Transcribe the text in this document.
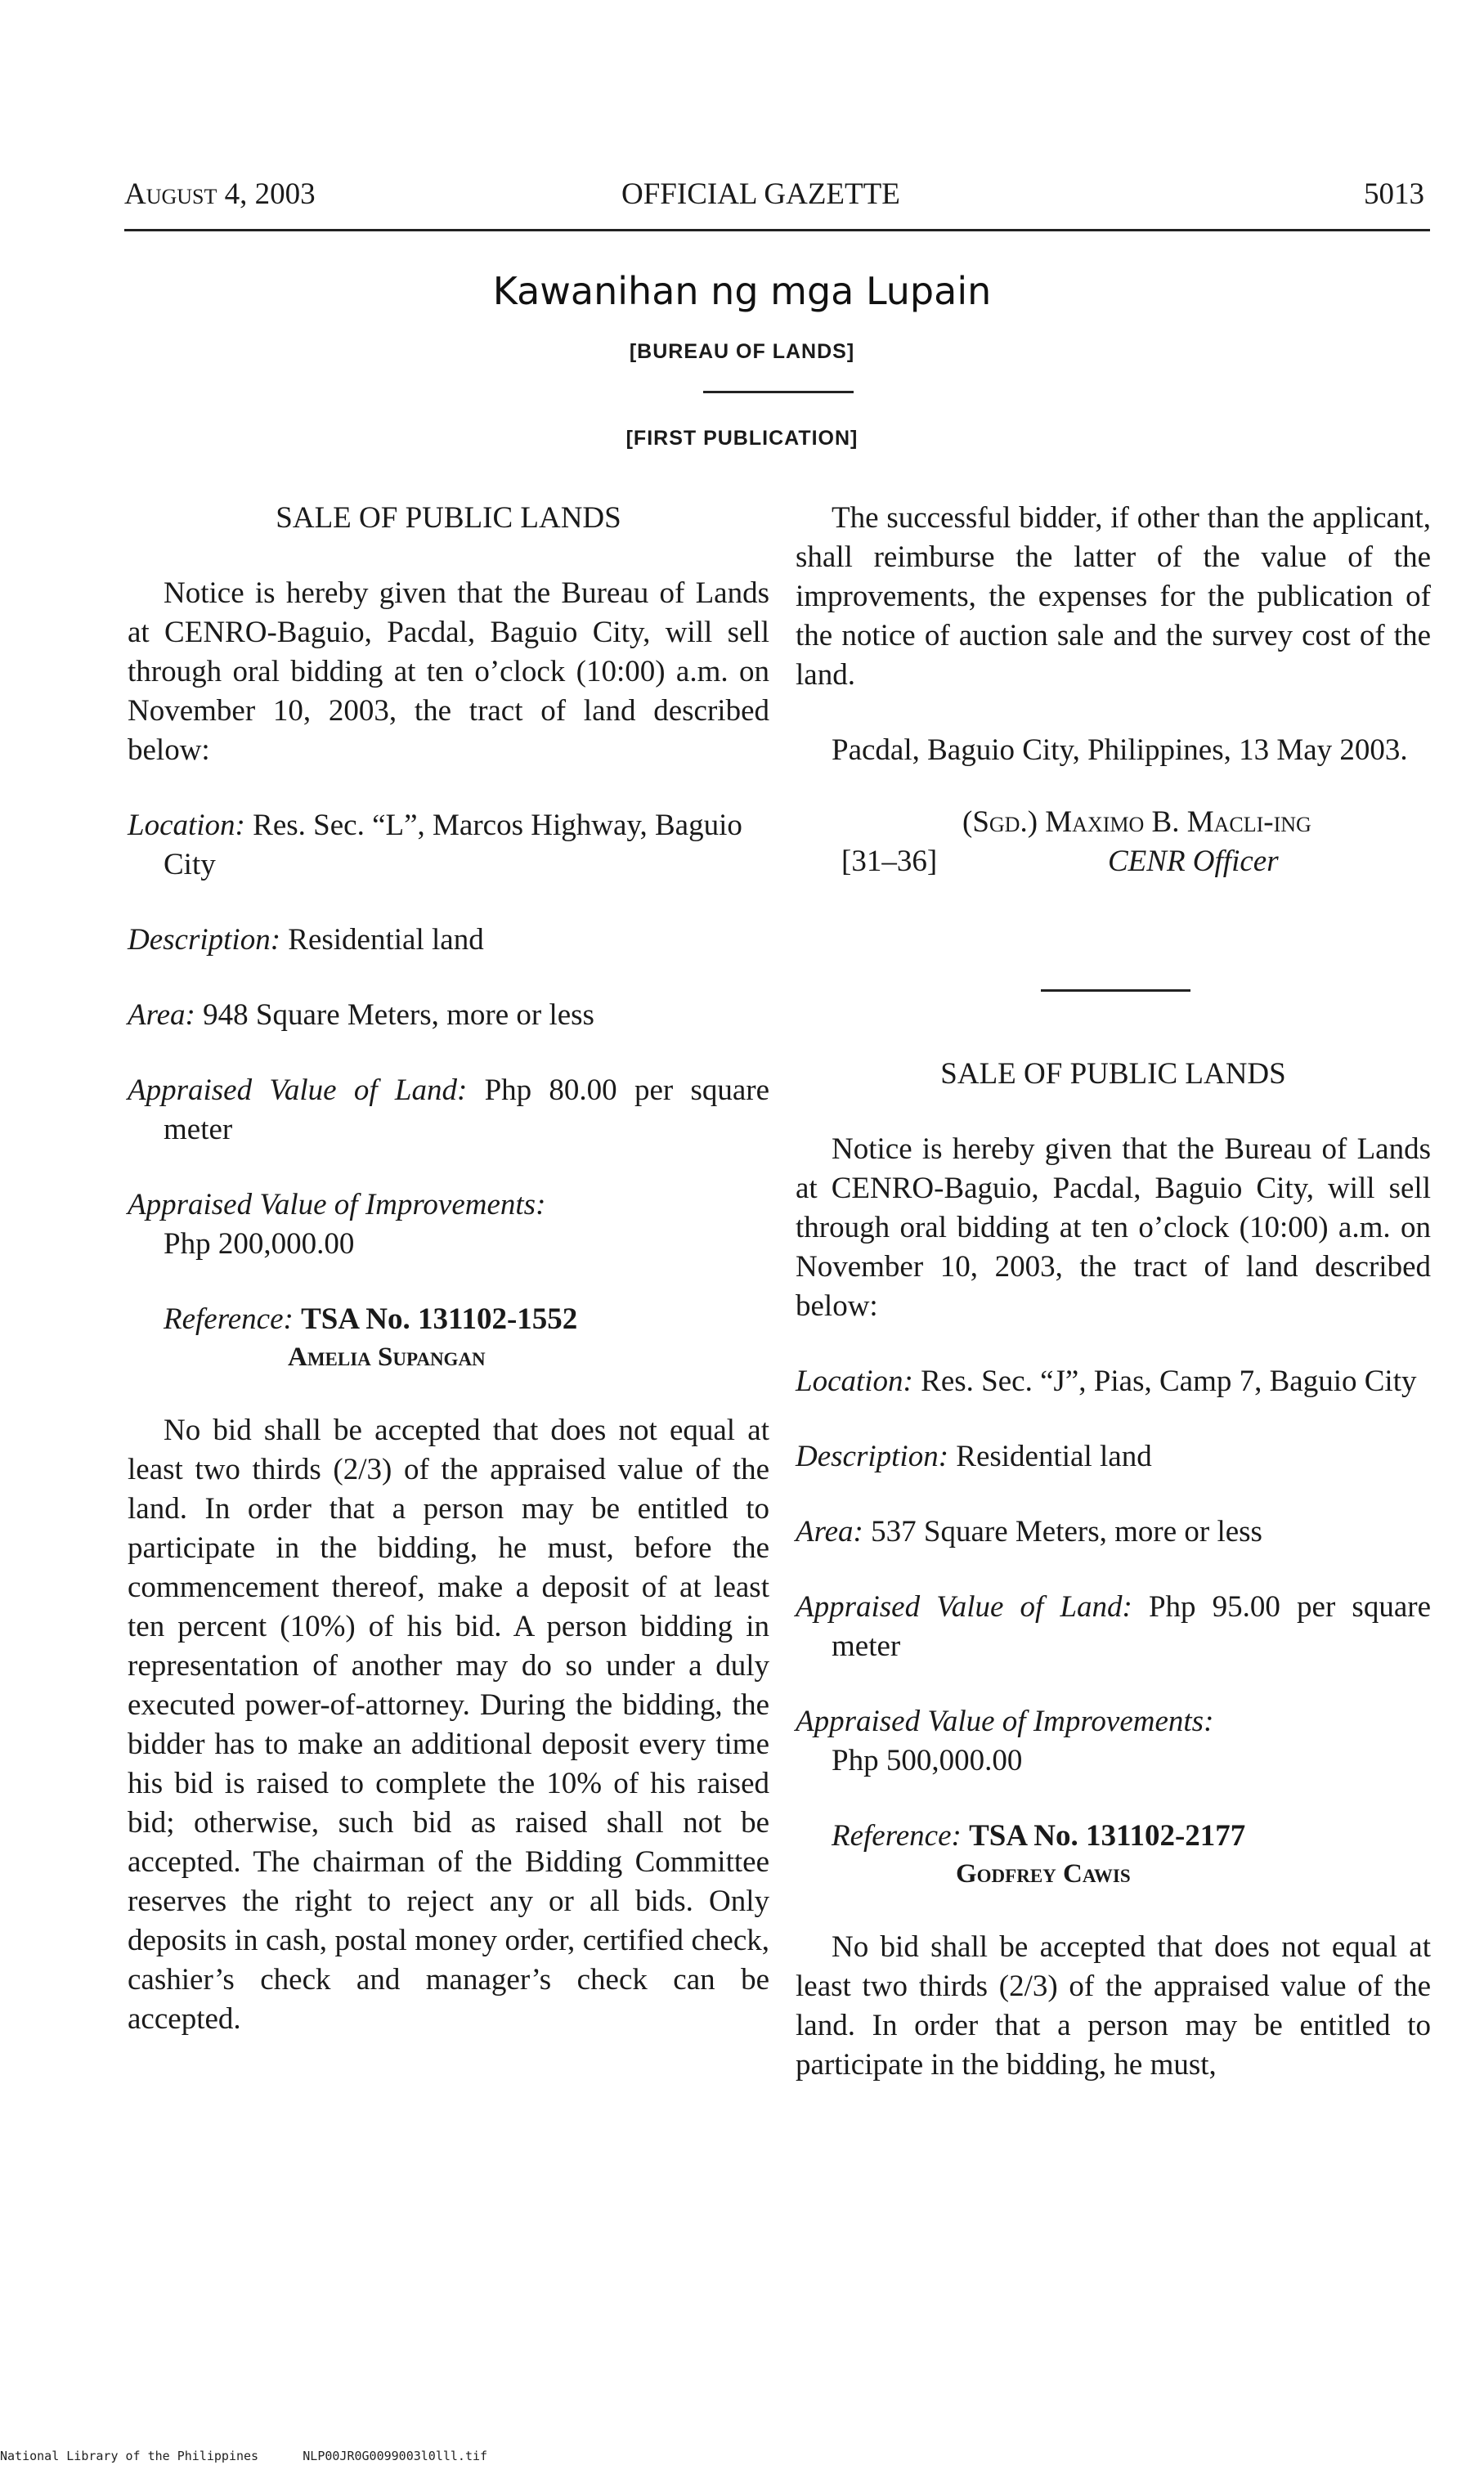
August 4, 2003	OFFICIAL GAZETTE	5013
Kawanihan ng mga Lupain
[BUREAU OF LANDS]
[FIRST PUBLICATION]

SALE OF PUBLIC LANDS

Notice is hereby given that the Bureau of Lands at CENRO-Baguio, Pacdal, Baguio City, will sell through oral bidding at ten o’clock (10:00) a.m. on November 10, 2003, the tract of land described below:

Location: Res. Sec. “L”, Marcos Highway, Baguio City

Description: Residential land

Area: 948 Square Meters, more or less

Appraised Value of Land: Php 80.00 per square meter

Appraised Value of Improvements:
Php 200,000.00

Reference: TSA No. 131102-1552

Amelia Supangan

No bid shall be accepted that does not equal at least two thirds (2/3) of the appraised value of the land. In order that a person may be entitled to participate in the bidding, he must, before the commencement thereof, make a deposit of at least ten percent (10%) of his bid. A person bidding in representation of another may do so under a duly executed power-of-attorney. During the bidding, the bidder has to make an additional deposit every time his bid is raised to complete the 10% of his raised bid; otherwise, such bid as raised shall not be accepted. The chairman of the Bidding Committee reserves the right to reject any or all bids. Only deposits in cash, postal money order, certified check, cashier’s check and manager’s check can be accepted.

The successful bidder, if other than the applicant, shall reimburse the latter of the value of the improvements, the expenses for the publication of the notice of auction sale and the survey cost of the land.

Pacdal, Baguio City, Philippines, 13 May 2003.

(Sgd.) Maximo B. Macli-ing

[31–36]	CENR Officer

SALE OF PUBLIC LANDS

Notice is hereby given that the Bureau of Lands at CENRO-Baguio, Pacdal, Baguio City, will sell through oral bidding at ten o’clock (10:00) a.m. on November 10, 2003, the tract of land described below:

Location: Res. Sec. “J”, Pias, Camp 7, Baguio City

Description: Residential land

Area: 537 Square Meters, more or less

Appraised Value of Land: Php 95.00 per square meter

Appraised Value of Improvements:
Php 500,000.00

Reference: TSA No. 131102-2177

Godfrey Cawis

No bid shall be accepted that does not equal at least two thirds (2/3) of the appraised value of the land. In order that a person may be entitled to participate in the bidding, he must,

National Library of the Philippines	NLP00JR0G0099003l0lll.tif
